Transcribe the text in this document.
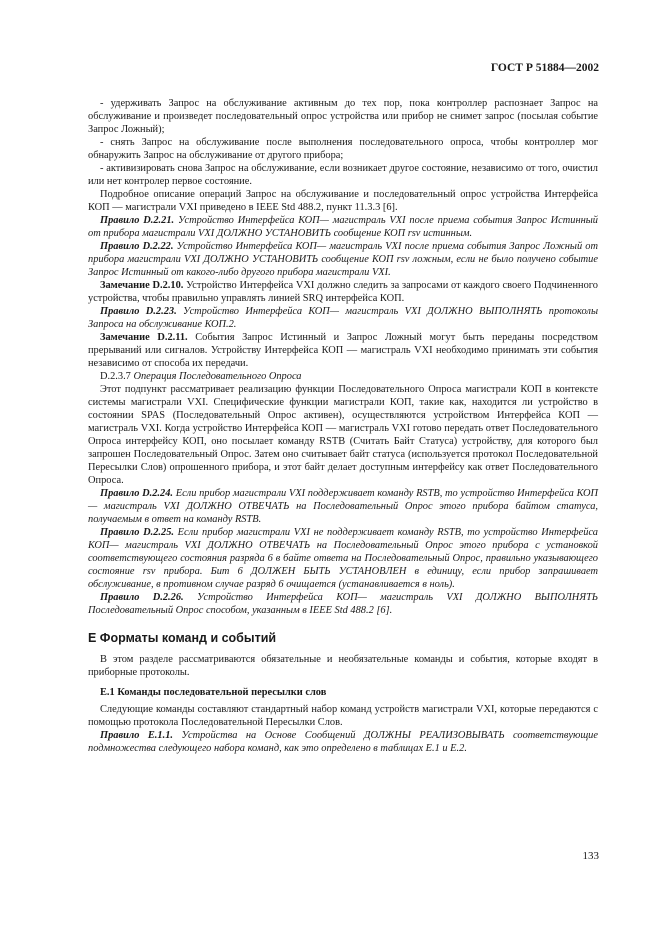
ГОСТ Р 51884—2002

- удерживать Запрос на обслуживание активным до тех пор, пока контроллер распознает Запрос на обслуживание и произведет последовательный опрос устройства или прибор не снимет запрос (посылая событие Запрос Ложный);

- снять Запрос на обслуживание после выполнения последовательного опроса, чтобы контроллер мог обнаружить Запрос на обслуживание от другого прибора;

- активизировать снова Запрос на обслуживание, если возникает другое состояние, независимо от того, очистил или нет контролер первое состояние.

Подробное описание операций Запрос на обслуживание и последовательный опрос устройства Интерфейса КОП — магистрали VXI приведено в IEEE Std 488.2, пункт 11.3.3 [6].

Правило D.2.21. Устройство Интерфейса КОП— магистраль VXI после приема события Запрос Истинный от прибора магистрали VXI ДОЛЖНО УСТАНОВИТЬ сообщение КОП rsv истинным.

Правило D.2.22. Устройство Интерфейса КОП— магистраль VXI после приема события Запрос Ложный от прибора магистрали VXI ДОЛЖНО УСТАНОВИТЬ сообщение КОП rsv ложным, если не было получено событие Запрос Истинный от какого-либо другого прибора магистрали VXI.

Замечание D.2.10. Устройство Интерфейса VXI должно следить за запросами от каждого своего Подчиненного устройства, чтобы правильно управлять линией SRQ интерфейса КОП.

Правило D.2.23. Устройство Интерфейса КОП— магистраль VXI ДОЛЖНО ВЫПОЛНЯТЬ протоколы Запроса на обслуживание КОП.2.

Замечание D.2.11. События Запрос Истинный и Запрос Ложный могут быть переданы посредством прерываний или сигналов. Устройству Интерфейса КОП — магистраль VXI необходимо принимать эти события независимо от способа их передачи.

D.2.3.7 Операция Последовательного Опроса

Этот подпункт рассматривает реализацию функции Последовательного Опроса магистрали КОП в контексте системы магистрали VXI. Специфические функции магистрали КОП, такие как, находится ли устройство в состоянии SPAS (Последовательный Опрос активен), осуществляются устройством Интерфейса КОП — магистраль VXI. Когда устройство Интерфейса КОП — магистраль VXI готово передать ответ Последовательного Опроса интерфейсу КОП, оно посылает команду RSTB (Считать Байт Статуса) устройству, для которого был запрошен Последовательный Опрос. Затем оно считывает байт статуса (используется протокол Последовательной Пересылки Слов) опрошенного прибора, и этот байт делает доступным интерфейсу как ответ Последовательного Опроса.

Правило D.2.24. Если прибор магистрали VXI поддерживает команду RSTB, то устройство Интерфейса КОП— магистраль VXI ДОЛЖНО ОТВЕЧАТЬ на Последовательный Опрос этого прибора байтом статуса, получаемым в ответ на команду RSTB.

Правило D.2.25. Если прибор магистрали VXI не поддерживает команду RSTB, то устройство Интерфейса КОП— магистраль VXI ДОЛЖНО ОТВЕЧАТЬ на Последовательный Опрос этого прибора с установкой соответствующего состояния разряда 6 в байте ответа на Последовательный Опрос, правильно указывающего состояние rsv прибора. Бит 6 ДОЛЖЕН БЫТЬ УСТАНОВЛЕН в единицу, если прибор запрашивает обслуживание, в противном случае разряд 6 очищается (устанавливается в ноль).

Правило D.2.26. Устройство Интерфейса КОП— магистраль VXI ДОЛЖНО ВЫПОЛНЯТЬ Последовательный Опрос способом, указанным в IEEE Std 488.2 [6].

Е Форматы команд и событий

В этом разделе рассматриваются обязательные и необязательные команды и события, которые входят в приборные протоколы.

Е.1 Команды последовательной пересылки слов

Следующие команды составляют стандартный набор команд устройств магистрали VXI, которые передаются с помощью протокола Последовательной Пересылки Слов.

Правило Е.1.1. Устройства на Основе Сообщений ДОЛЖНЫ РЕАЛИЗОВЫВАТЬ соответствующие подмножества следующего набора команд, как это определено в таблицах Е.1 и Е.2.

133
